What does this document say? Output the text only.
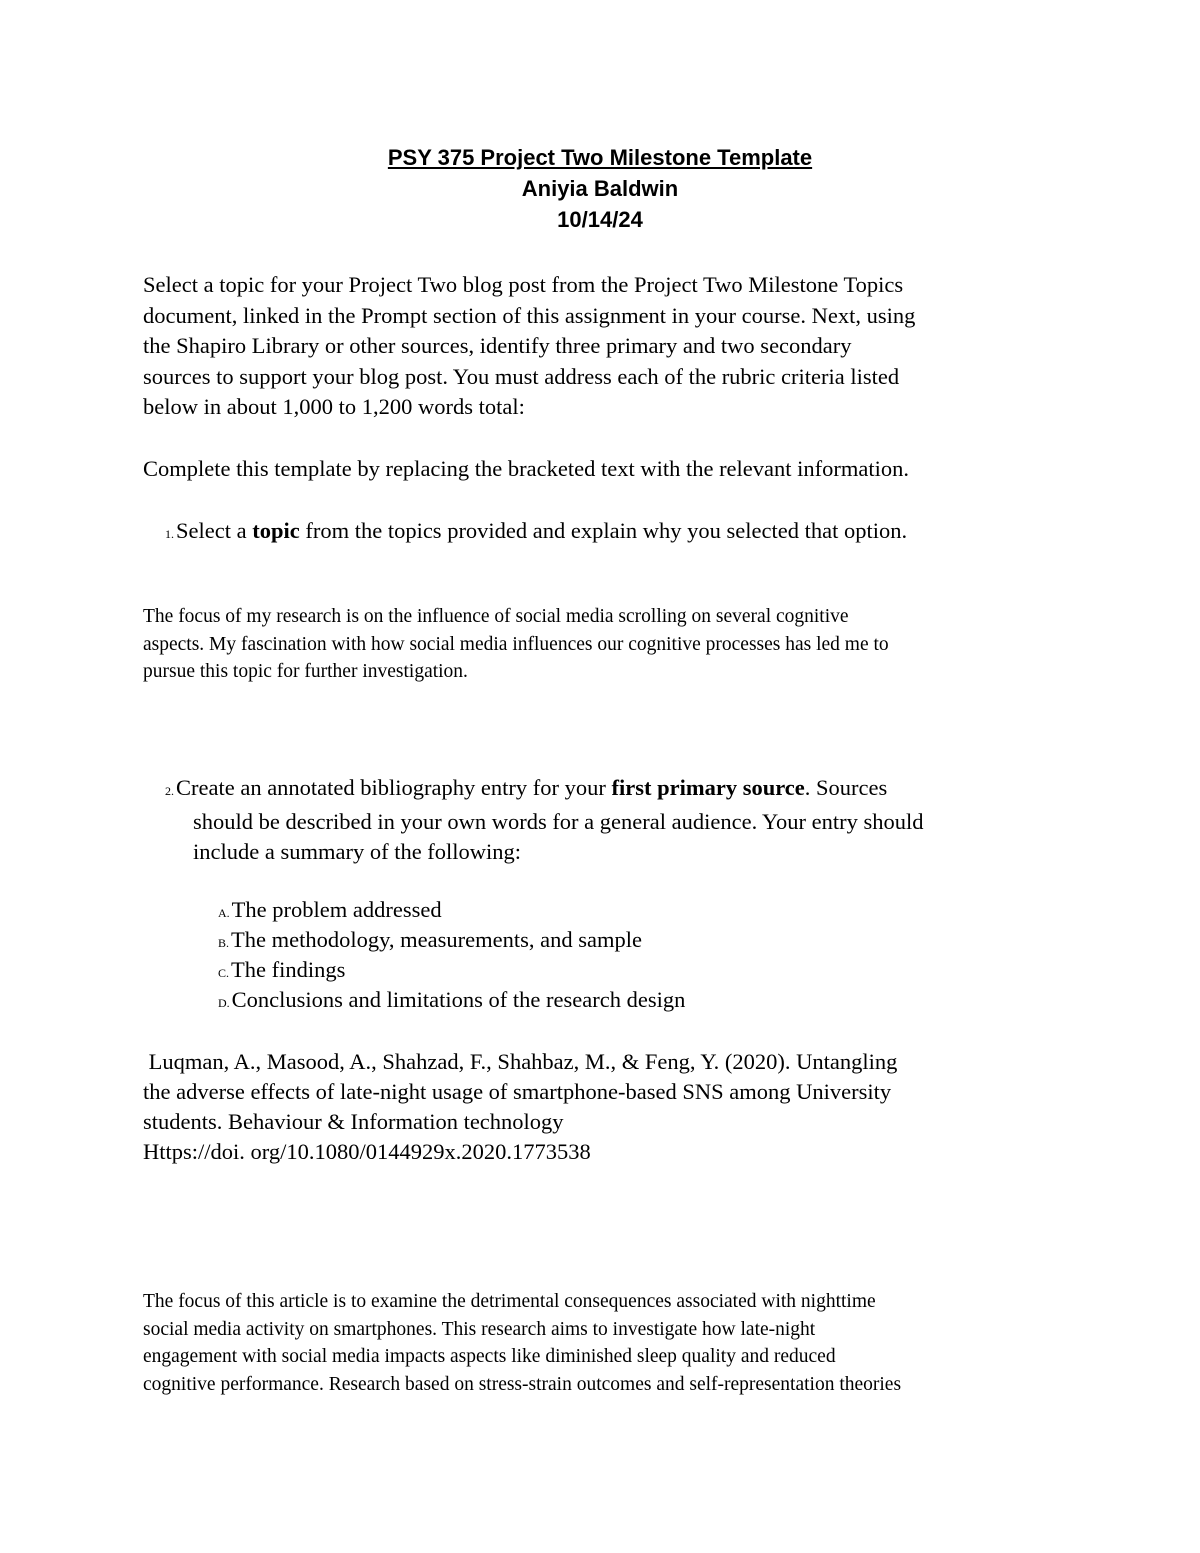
PSY 375 Project Two Milestone Template
Aniyia Baldwin
10/14/24
Select a topic for your Project Two blog post from the Project Two Milestone Topics
document, linked in the Prompt section of this assignment in your course. Next, using
the Shapiro Library or other sources, identify three primary and two secondary
sources to support your blog post. You must address each of the rubric criteria listed
below in about 1,000 to 1,200 words total:
Complete this template by replacing the bracketed text with the relevant information.
1.Select a topic from the topics provided and explain why you selected that option.
The focus of my research is on the influence of social media scrolling on several cognitive
aspects. My fascination with how social media influences our cognitive processes has led me to
pursue this topic for further investigation.
2.Create an annotated bibliography entry for your first primary source. Sources
should be described in your own words for a general audience. Your entry should
include a summary of the following:
A.The problem addressed
B.The methodology, measurements, and sample
C.The findings
D.Conclusions and limitations of the research design
Luqman, A., Masood, A., Shahzad, F., Shahbaz, M., & Feng, Y. (2020). Untangling
the adverse effects of late-night usage of smartphone-based SNS among University
students. Behaviour & Information technology
Https://doi. org/10.1080/0144929x.2020.1773538
The focus of this article is to examine the detrimental consequences associated with nighttime
social media activity on smartphones. This research aims to investigate how late-night
engagement with social media impacts aspects like diminished sleep quality and reduced
cognitive performance. Research based on stress-strain outcomes and self-representation theories
